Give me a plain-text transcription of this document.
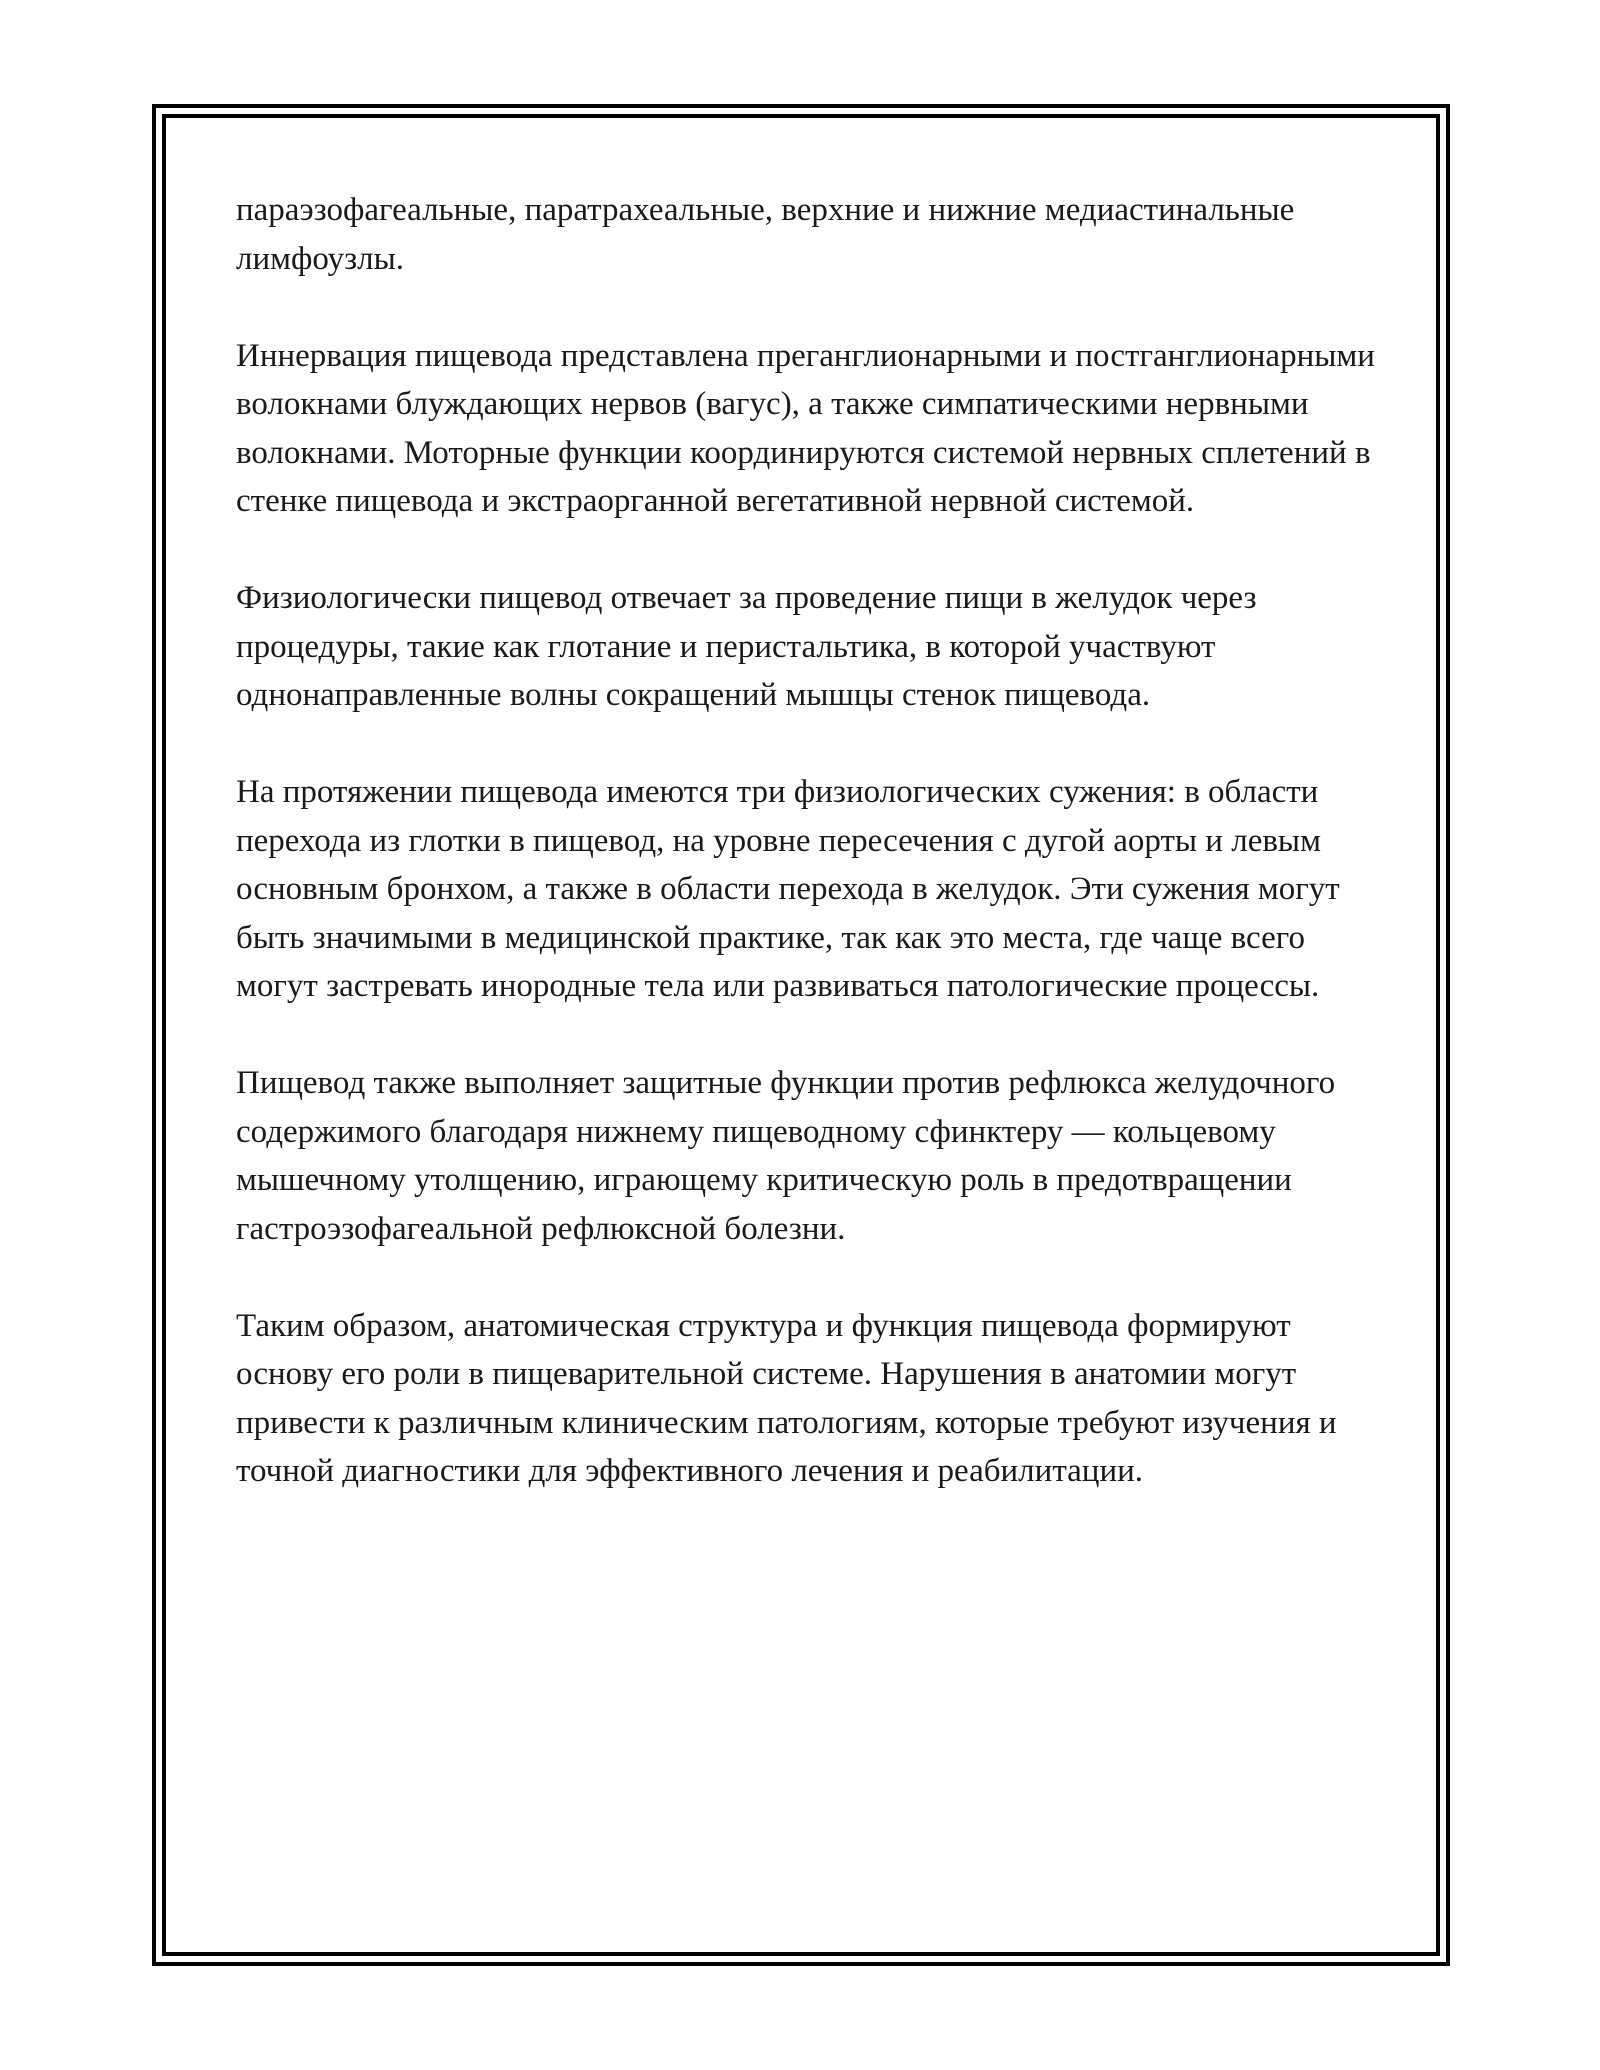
параэзофагеальные, паратрахеальные, верхние и нижние медиастинальные лимфоузлы.

Иннервация пищевода представлена преганглионарными и постганглионарными волокнами блуждающих нервов (вагус), а также симпатическими нервными волокнами. Моторные функции координируются системой нервных сплетений в стенке пищевода и экстраорганной вегетативной нервной системой.

Физиологически пищевод отвечает за проведение пищи в желудок через процедуры, такие как глотание и перистальтика, в которой участвуют однонаправленные волны сокращений мышцы стенок пищевода.

На протяжении пищевода имеются три физиологических сужения: в области перехода из глотки в пищевод, на уровне пересечения с дугой аорты и левым основным бронхом, а также в области перехода в желудок. Эти сужения могут быть значимыми в медицинской практике, так как это места, где чаще всего могут застревать инородные тела или развиваться патологические процессы.

Пищевод также выполняет защитные функции против рефлюкса желудочного содержимого благодаря нижнему пищеводному сфинктеру — кольцевому мышечному утолщению, играющему критическую роль в предотвращении гастроэзофагеальной рефлюксной болезни.

Таким образом, анатомическая структура и функция пищевода формируют основу его роли в пищеварительной системе. Нарушения в анатомии могут привести к различным клиническим патологиям, которые требуют изучения и точной диагностики для эффективного лечения и реабилитации.
